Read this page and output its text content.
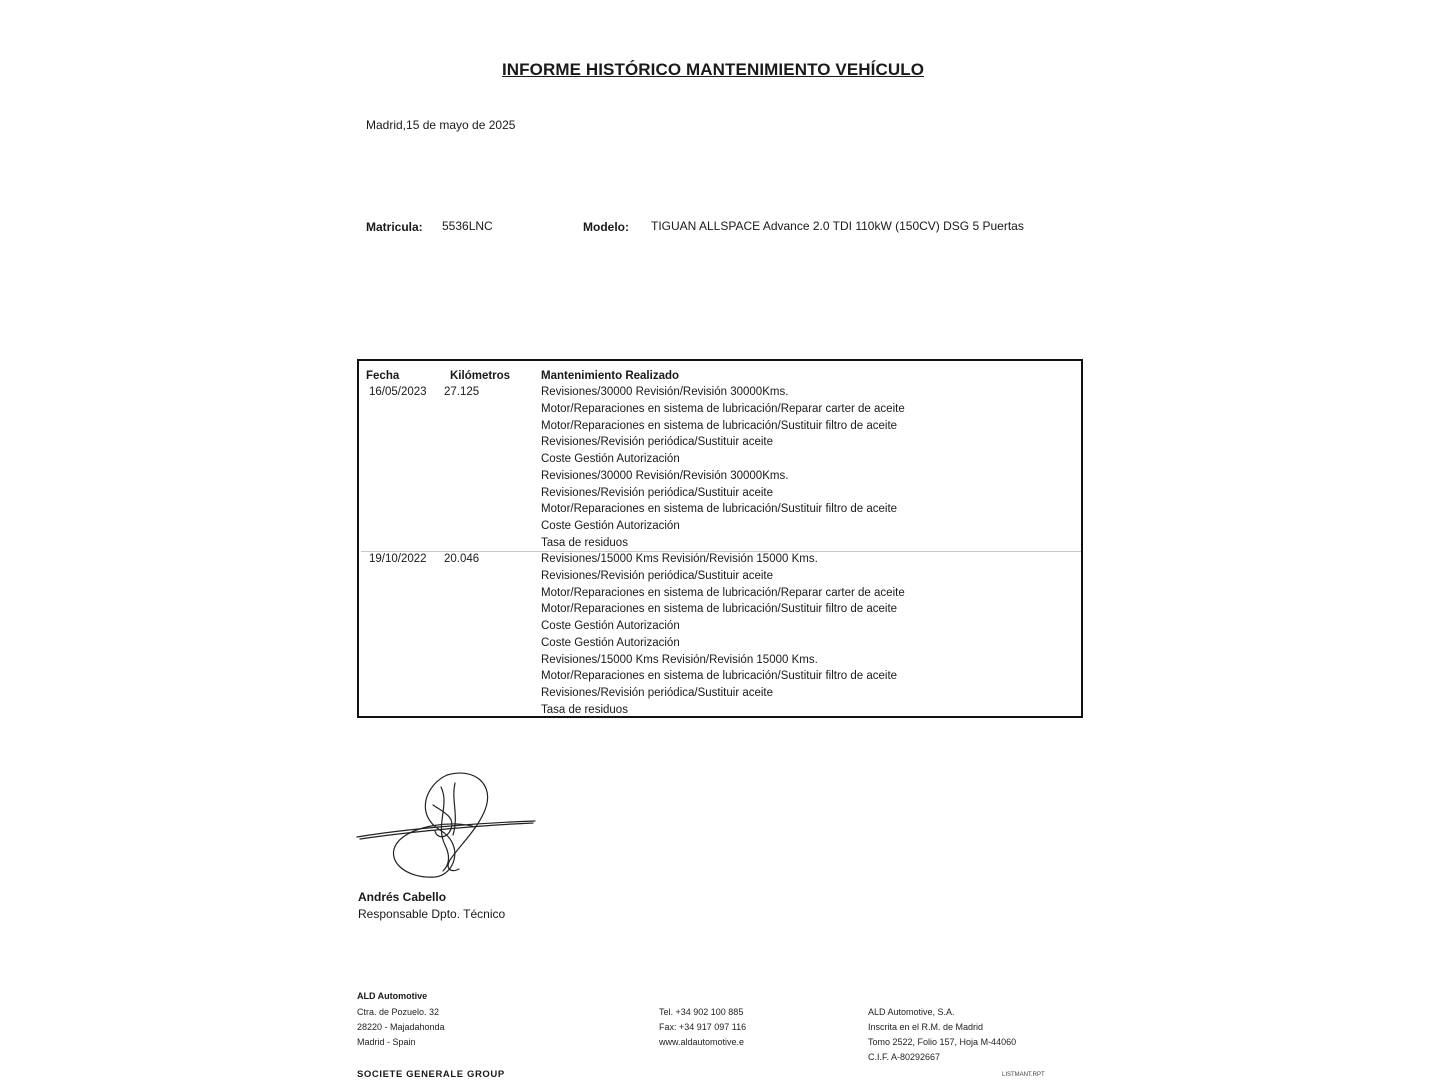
INFORME HISTÓRICO MANTENIMIENTO VEHÍCULO
Madrid,15 de mayo de 2025
Matricula: 5536LNC	Modelo: TIGUAN ALLSPACE Advance 2.0 TDI 110kW (150CV) DSG 5 Puertas
Fecha	Kilómetros	Mantenimiento Realizado
16/05/2023 27.125	Revisiones/30000 Revisión/Revisión 30000Kms.
Motor/Reparaciones en sistema de lubricación/Reparar carter de aceite
Motor/Reparaciones en sistema de lubricación/Sustituir filtro de aceite
Revisiones/Revisión periódica/Sustituir aceite
Coste Gestión Autorización
Revisiones/30000 Revisión/Revisión 30000Kms.
Revisiones/Revisión periódica/Sustituir aceite
Motor/Reparaciones en sistema de lubricación/Sustituir filtro de aceite
Coste Gestión Autorización
Tasa de residuos
19/10/2022 20.046	Revisiones/15000 Kms Revisión/Revisión 15000 Kms.
Revisiones/Revisión periódica/Sustituir aceite
Motor/Reparaciones en sistema de lubricación/Reparar carter de aceite
Motor/Reparaciones en sistema de lubricación/Sustituir filtro de aceite
Coste Gestión Autorización
Coste Gestión Autorización
Revisiones/15000 Kms Revisión/Revisión 15000 Kms.
Motor/Reparaciones en sistema de lubricación/Sustituir filtro de aceite
Revisiones/Revisión periódica/Sustituir aceite
Tasa de residuos
Andrés Cabello
Responsable Dpto. Técnico
ALD Automotive
Ctra. de Pozuelo. 32
28220 - Majadahonda
Madrid - Spain
Tel. +34 902 100 885
Fax: +34 917 097 116
www.aldautomotive.e
ALD Automotive, S.A.
Inscrita en el R.M. de Madrid
Tomo 2522, Folio 157, Hoja M-44060
C.I.F. A-80292667
SOCIETE GENERALE GROUP	LISTMANT.RPT
